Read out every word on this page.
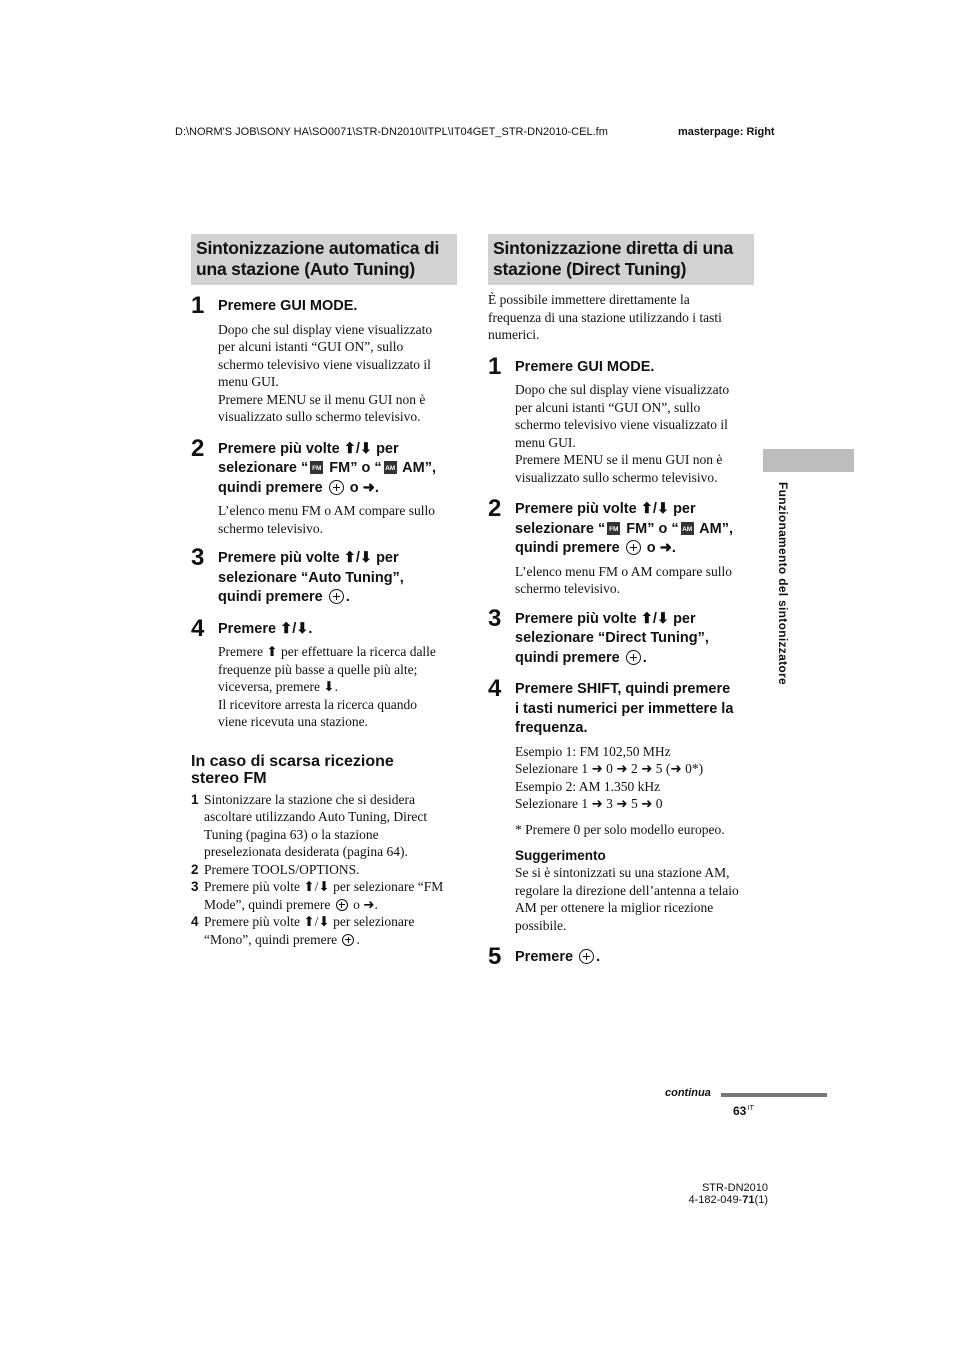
D:\NORM'S JOB\SONY HA\SO0071\STR-DN2010\ITPL\IT04GET_STR-DN2010-CEL.fm	masterpage: Right
Sintonizzazione automatica di
una stazione (Auto Tuning)
1 Premere GUI MODE.
Dopo che sul display viene visualizzato
per alcuni istanti “GUI ON”, sullo
schermo televisivo viene visualizzato il
menu GUI.
Premere MENU se il menu GUI non è
visualizzato sullo schermo televisivo.
2 Premere più volte ⬆/⬇ per
selezionare “ FM FM” o “ AM AM”,
quindi premere  o ➜.
L’elenco menu FM o AM compare sullo
schermo televisivo.
3 Premere più volte ⬆/⬇ per
selezionare “Auto Tuning”,
quindi premere .
4 Premere ⬆/⬇.
Premere ⬆ per effettuare la ricerca dalle
frequenze più basse a quelle più alte;
viceversa, premere ⬇.
Il ricevitore arresta la ricerca quando
viene ricevuta una stazione.
In caso di scarsa ricezione
stereo FM
1 Sintonizzare la stazione che si desidera
ascoltare utilizzando Auto Tuning, Direct
Tuning (pagina 63) o la stazione
preselezionata desiderata (pagina 64).
2 Premere TOOLS/OPTIONS.
3 Premere più volte ⬆/⬇ per selezionare “FM
Mode”, quindi premere  o ➜.
4 Premere più volte ⬆/⬇ per selezionare
“Mono”, quindi premere .
Sintonizzazione diretta di una
stazione (Direct Tuning)
È possibile immettere direttamente la
frequenza di una stazione utilizzando i tasti
numerici.
1 Premere GUI MODE.
Dopo che sul display viene visualizzato
per alcuni istanti “GUI ON”, sullo
schermo televisivo viene visualizzato il
menu GUI.
Premere MENU se il menu GUI non è
visualizzato sullo schermo televisivo.
2 Premere più volte ⬆/⬇ per
selezionare “ FM FM” o “ AM AM”,
quindi premere  o ➜.
L’elenco menu FM o AM compare sullo
schermo televisivo.
3 Premere più volte ⬆/⬇ per
selezionare “Direct Tuning”,
quindi premere .
4 Premere SHIFT, quindi premere
i tasti numerici per immettere la
frequenza.
Esempio 1: FM 102,50 MHz
Selezionare 1 ➜ 0 ➜ 2 ➜ 5 (➜ 0*)
Esempio 2: AM 1.350 kHz
Selezionare 1 ➜ 3 ➜ 5 ➜ 0
* Premere 0 per solo modello europeo.
Suggerimento
Se si è sintonizzati su una stazione AM,
regolare la direzione dell’antenna a telaio
AM per ottenere la miglior ricezione
possibile.
5 Premere .
Funzionamento del sintonizzatore
continua
$63^{IT}$
STR-DN2010
4-182-049-71(1)
